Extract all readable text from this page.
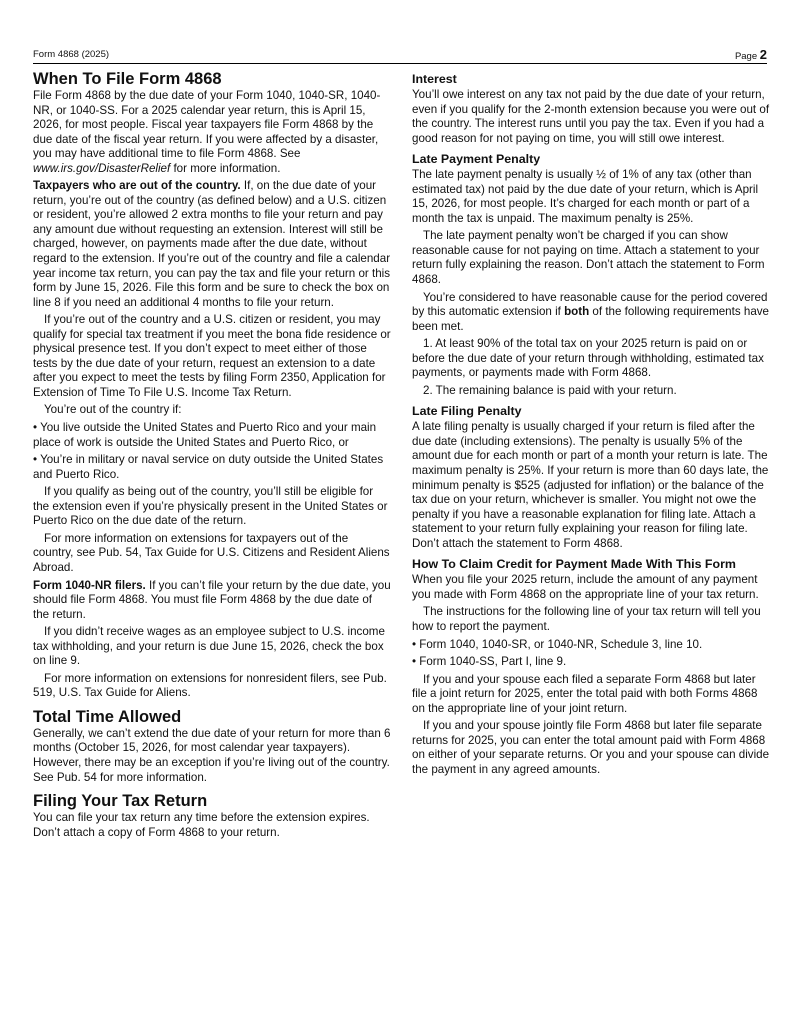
Form 4868 (2025)	Page 2
When To File Form 4868

File Form 4868 by the due date of your Form 1040, 1040-SR, 1040-NR, or 1040-SS. For a 2025 calendar year return, this is April 15, 2026, for most people. Fiscal year taxpayers file Form 4868 by the due date of the fiscal year return. If you were affected by a disaster, you may have additional time to file Form 4868. See www.irs.gov/DisasterRelief for more information.

Taxpayers who are out of the country. If, on the due date of your return, you’re out of the country (as defined below) and a U.S. citizen or resident, you’re allowed 2 extra months to file your return and pay any amount due without requesting an extension. Interest will still be charged, however, on payments made after the due date, without regard to the extension. If you’re out of the country and file a calendar year income tax return, you can pay the tax and file your return or this form by June 15, 2026. File this form and be sure to check the box on line 8 if you need an additional 4 months to file your return.

If you’re out of the country and a U.S. citizen or resident, you may qualify for special tax treatment if you meet the bona fide residence or physical presence test. If you don’t expect to meet either of those tests by the due date of your return, request an extension to a date after you expect to meet the tests by filing Form 2350, Application for Extension of Time To File U.S. Income Tax Return.

You’re out of the country if:

• You live outside the United States and Puerto Rico and your main place of work is outside the United States and Puerto Rico, or

• You’re in military or naval service on duty outside the United States and Puerto Rico.

If you qualify as being out of the country, you’ll still be eligible for the extension even if you’re physically present in the United States or Puerto Rico on the due date of the return.

For more information on extensions for taxpayers out of the country, see Pub. 54, Tax Guide for U.S. Citizens and Resident Aliens Abroad.

Form 1040-NR filers. If you can’t file your return by the due date, you should file Form 4868. You must file Form 4868 by the due date of the return.

If you didn’t receive wages as an employee subject to U.S. income tax withholding, and your return is due June 15, 2026, check the box on line 9.

For more information on extensions for nonresident filers, see Pub. 519, U.S. Tax Guide for Aliens.

Total Time Allowed

Generally, we can’t extend the due date of your return for more than 6 months (October 15, 2026, for most calendar year taxpayers). However, there may be an exception if you’re living out of the country. See Pub. 54 for more information.

Filing Your Tax Return

You can file your tax return any time before the extension expires. Don’t attach a copy of Form 4868 to your return.

Interest

You’ll owe interest on any tax not paid by the due date of your return, even if you qualify for the 2-month extension because you were out of the country. The interest runs until you pay the tax. Even if you had a good reason for not paying on time, you will still owe interest.

Late Payment Penalty

The late payment penalty is usually ½ of 1% of any tax (other than estimated tax) not paid by the due date of your return, which is April 15, 2026, for most people. It’s charged for each month or part of a month the tax is unpaid. The maximum penalty is 25%.

The late payment penalty won’t be charged if you can show reasonable cause for not paying on time. Attach a statement to your return fully explaining the reason. Don’t attach the statement to Form 4868.

You’re considered to have reasonable cause for the period covered by this automatic extension if both of the following requirements have been met.

1. At least 90% of the total tax on your 2025 return is paid on or before the due date of your return through withholding, estimated tax payments, or payments made with Form 4868.

2. The remaining balance is paid with your return.

Late Filing Penalty

A late filing penalty is usually charged if your return is filed after the due date (including extensions). The penalty is usually 5% of the amount due for each month or part of a month your return is late. The maximum penalty is 25%. If your return is more than 60 days late, the minimum penalty is $525 (adjusted for inflation) or the balance of the tax due on your return, whichever is smaller. You might not owe the penalty if you have a reasonable explanation for filing late. Attach a statement to your return fully explaining your reason for filing late. Don’t attach the statement to Form 4868.

How To Claim Credit for Payment Made With This Form

When you file your 2025 return, include the amount of any payment you made with Form 4868 on the appropriate line of your tax return.

The instructions for the following line of your tax return will tell you how to report the payment.

• Form 1040, 1040-SR, or 1040-NR, Schedule 3, line 10.

• Form 1040-SS, Part I, line 9.

If you and your spouse each filed a separate Form 4868 but later file a joint return for 2025, enter the total paid with both Forms 4868 on the appropriate line of your joint return.

If you and your spouse jointly file Form 4868 but later file separate returns for 2025, you can enter the total amount paid with Form 4868 on either of your separate returns. Or you and your spouse can divide the payment in any agreed amounts.
